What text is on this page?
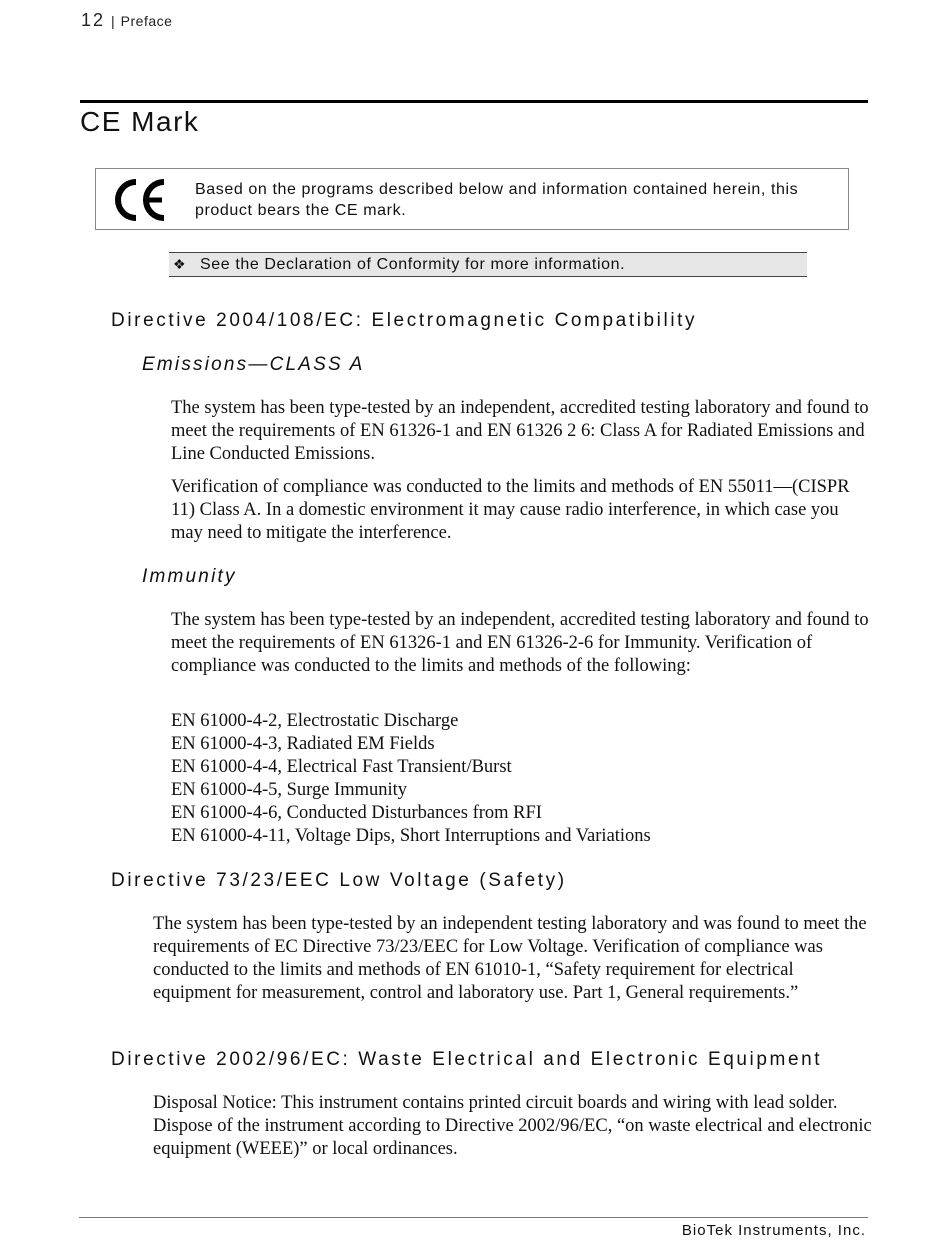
12 | Preface
CE Mark
Based on the programs described below and information contained herein, this product bears the CE mark.
❖ See the Declaration of Conformity for more information.
Directive 2004/108/EC: Electromagnetic Compatibility
Emissions—CLASS A

The system has been type-tested by an independent, accredited testing laboratory and found to meet the requirements of EN 61326-1 and EN 61326 2 6: Class A for Radiated Emissions and Line Conducted Emissions.

Verification of compliance was conducted to the limits and methods of EN 55011—(CISPR 11) Class A. In a domestic environment it may cause radio interference, in which case you may need to mitigate the interference.

Immunity

The system has been type-tested by an independent, accredited testing laboratory and found to meet the requirements of EN 61326-1 and EN 61326-2-6 for Immunity. Verification of compliance was conducted to the limits and methods of the following:

EN 61000-4-2, Electrostatic Discharge
EN 61000-4-3, Radiated EM Fields
EN 61000-4-4, Electrical Fast Transient/Burst
EN 61000-4-5, Surge Immunity
EN 61000-4-6, Conducted Disturbances from RFI
EN 61000-4-11, Voltage Dips, Short Interruptions and Variations
Directive 73/23/EEC Low Voltage (Safety)

The system has been type-tested by an independent testing laboratory and was found to meet the requirements of EC Directive 73/23/EEC for Low Voltage. Verification of compliance was conducted to the limits and methods of EN 61010-1, “Safety requirement for electrical equipment for measurement, control and laboratory use. Part 1, General requirements.”

Directive 2002/96/EC: Waste Electrical and Electronic Equipment

Disposal Notice: This instrument contains printed circuit boards and wiring with lead solder. Dispose of the instrument according to Directive 2002/96/EC, “on waste electrical and electronic equipment (WEEE)” or local ordinances.

BioTek Instruments, Inc.
